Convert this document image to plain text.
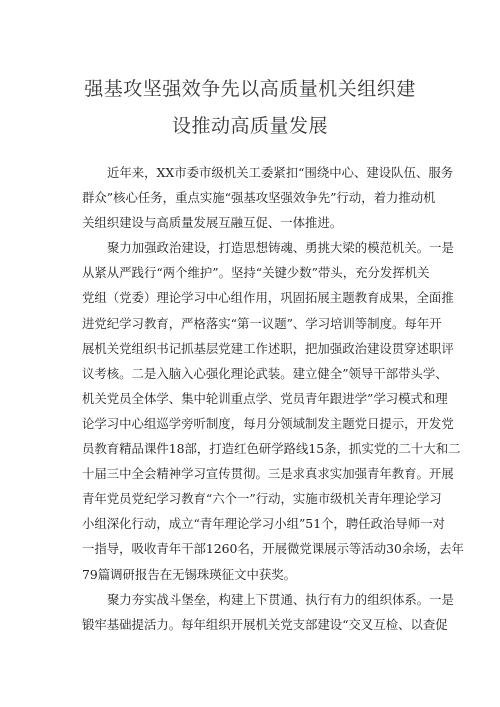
强基攻坚强效争先以高质量机关组织建
设推动高质量发展
近年来，XX市委市级机关工委紧扣“围绕中心、建设队伍、服务
群众”核心任务，重点实施“强基攻坚强效争先”行动，着力推动机
关组织建设与高质量发展互融互促、一体推进。
聚力加强政治建设，打造思想铸魂、勇挑大梁的模范机关。一是
从紧从严践行“两个维护”。坚持“关键少数”带头，充分发挥机关
党组（党委）理论学习中心组作用，巩固拓展主题教育成果，全面推
进党纪学习教育，严格落实“第一议题”、学习培训等制度。每年开
展机关党组织书记抓基层党建工作述职，把加强政治建设贯穿述职评
议考核。二是入脑入心强化理论武装。建立健全”领导干部带头学、
机关党员全体学、集中轮训重点学、党员青年跟进学”学习模式和理
论学习中心组巡学旁听制度，每月分领域制发主题党日提示，开发党
员教育精品课件18部，打造红色研学路线15条，抓实党的二十大和二
十届三中全会精神学习宣传贯彻。三是求真求实加强青年教育。开展
青年党员党纪学习教育“六个一”行动，实施市级机关青年理论学习
小组深化行动，成立“青年理论学习小组”51个，聘任政治导师一对
一指导，吸收青年干部1260名，开展微党课展示等活动30余场，去年
79篇调研报告在无锡珠瑛征文中获奖。
聚力夯实战斗堡垒，构建上下贯通、执行有力的组织体系。一是
锻牢基础提活力。每年组织开展机关党支部建设“交叉互检、以查促
